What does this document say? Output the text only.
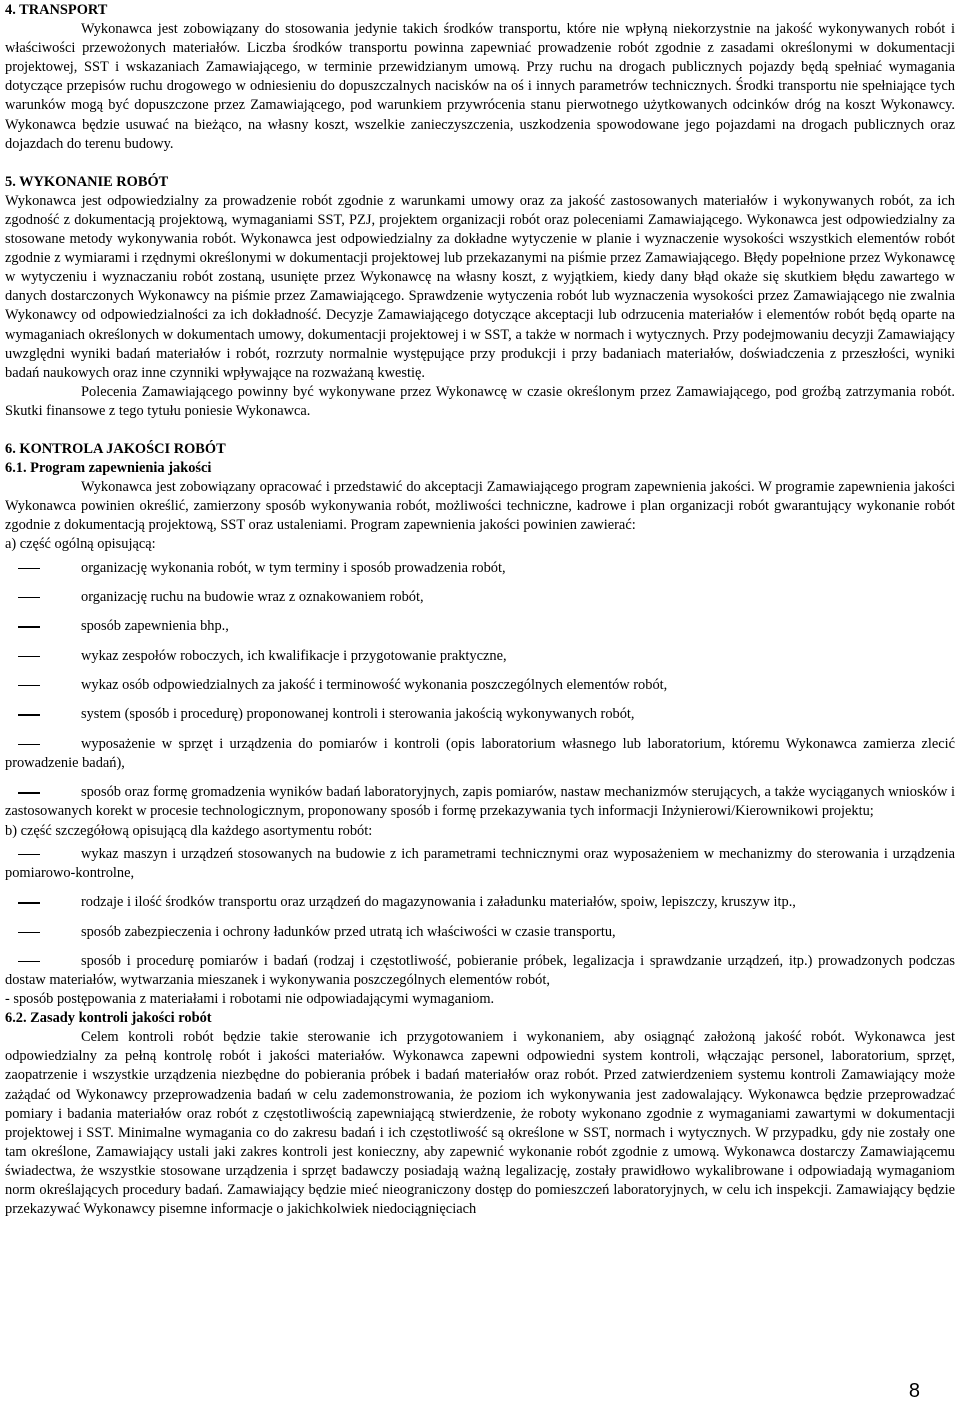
4. TRANSPORT

Wykonawca jest zobowiązany do stosowania jedynie takich środków transportu, które nie wpłyną niekorzystnie na jakość wykonywanych robót i właściwości przewożonych materiałów. Liczba środków transportu powinna zapewniać prowadzenie robót zgodnie z zasadami określonymi w dokumentacji projektowej, SST i wskazaniach Zamawiającego, w terminie przewidzianym umową. Przy ruchu na drogach publicznych pojazdy będą spełniać wymagania dotyczące przepisów ruchu drogowego w odniesieniu do dopuszczalnych nacisków na oś i innych parametrów technicznych. Środki transportu nie spełniające tych warunków mogą być dopuszczone przez Zamawiającego, pod warunkiem przywrócenia stanu pierwotnego użytkowanych odcinków dróg na koszt Wykonawcy. Wykonawca będzie usuwać na bieżąco, na własny koszt, wszelkie zanieczyszczenia, uszkodzenia spowodowane jego pojazdami na drogach publicznych oraz dojazdach do terenu budowy.

5. WYKONANIE ROBÓT

Wykonawca jest odpowiedzialny za prowadzenie robót zgodnie z warunkami umowy oraz za jakość zastosowanych materiałów i wykonywanych robót, za ich zgodność z dokumentacją projektową, wymaganiami SST, PZJ, projektem organizacji robót oraz poleceniami Zamawiającego. Wykonawca jest odpowiedzialny za stosowane metody wykonywania robót. Wykonawca jest odpowiedzialny za dokładne wytyczenie w planie i wyznaczenie wysokości wszystkich elementów robót zgodnie z wymiarami i rzędnymi określonymi w dokumentacji projektowej lub przekazanymi na piśmie przez Zamawiającego. Błędy popełnione przez Wykonawcę w wytyczeniu i wyznaczaniu robót zostaną, usunięte przez Wykonawcę na własny koszt, z wyjątkiem, kiedy dany błąd okaże się skutkiem błędu zawartego w danych dostarczonych Wykonawcy na piśmie przez Zamawiającego. Sprawdzenie wytyczenia robót lub wyznaczenia wysokości przez Zamawiającego nie zwalnia Wykonawcy od odpowiedzialności za ich dokładność. Decyzje Zamawiającego dotyczące akceptacji lub odrzucenia materiałów i elementów robót będą oparte na wymaganiach określonych w dokumentach umowy, dokumentacji projektowej i w SST, a także w normach i wytycznych. Przy podejmowaniu decyzji Zamawiający uwzględni wyniki badań materiałów i robót, rozrzuty normalnie występujące przy produkcji i przy badaniach materiałów, doświadczenia z przeszłości, wyniki badań naukowych oraz inne czynniki wpływające na rozważaną kwestię.

Polecenia Zamawiającego powinny być wykonywane przez Wykonawcę w czasie określonym przez Zamawiającego, pod groźbą zatrzymania robót. Skutki finansowe z tego tytułu poniesie Wykonawca.

6. KONTROLA JAKOŚCI ROBÓT
6.1. Program zapewnienia jakości

Wykonawca jest zobowiązany opracować i przedstawić do akceptacji Zamawiającego program zapewnienia jakości. W programie zapewnienia jakości Wykonawca powinien określić, zamierzony sposób wykonywania robót, możliwości techniczne, kadrowe i plan organizacji robót gwarantujący wykonanie robót zgodnie z dokumentacją projektową, SST oraz ustaleniami. Program zapewnienia jakości powinien zawierać:

a) część ogólną opisującą:

organizację wykonania robót, w tym terminy i sposób prowadzenia robót,
organizację ruchu na budowie wraz z oznakowaniem robót,
sposób zapewnienia bhp.,
wykaz zespołów roboczych, ich kwalifikacje i przygotowanie praktyczne,
wykaz osób odpowiedzialnych za jakość i terminowość wykonania poszczególnych elementów robót,
system (sposób i procedurę) proponowanej kontroli i sterowania jakością wykonywanych robót,
wyposażenie w sprzęt i urządzenia do pomiarów i kontroli (opis laboratorium własnego lub laboratorium, któremu Wykonawca zamierza zlecić prowadzenie badań),
sposób oraz formę gromadzenia wyników badań laboratoryjnych, zapis pomiarów, nastaw mechanizmów sterujących, a także wyciąganych wniosków i zastosowanych korekt w procesie technologicznym, proponowany sposób i formę przekazywania tych informacji Inżynierowi/Kierownikowi projektu;

b) część szczegółową opisującą dla każdego asortymentu robót:

wykaz maszyn i urządzeń stosowanych na budowie z ich parametrami technicznymi oraz wyposażeniem w mechanizmy do sterowania i urządzenia pomiarowo-kontrolne,
rodzaje i ilość środków transportu oraz urządzeń do magazynowania i załadunku materiałów, spoiw, lepiszczy, kruszyw itp.,
sposób zabezpieczenia i ochrony ładunków przed utratą ich właściwości w czasie transportu,
sposób i procedurę pomiarów i badań (rodzaj i częstotliwość, pobieranie próbek, legalizacja i sprawdzanie urządzeń, itp.) prowadzonych podczas dostaw materiałów, wytwarzania mieszanek i wykonywania poszczególnych elementów robót,

- sposób postępowania z materiałami i robotami nie odpowiadającymi wymaganiom.

6.2. Zasady kontroli jakości robót

Celem kontroli robót będzie takie sterowanie ich przygotowaniem i wykonaniem, aby osiągnąć założoną jakość robót. Wykonawca jest odpowiedzialny za pełną kontrolę robót i jakości materiałów. Wykonawca zapewni odpowiedni system kontroli, włączając personel, laboratorium, sprzęt, zaopatrzenie i wszystkie urządzenia niezbędne do pobierania próbek i badań materiałów oraz robót. Przed zatwierdzeniem systemu kontroli Zamawiający może zażądać od Wykonawcy przeprowadzenia badań w celu zademonstrowania, że poziom ich wykonywania jest zadowalający. Wykonawca będzie przeprowadzać pomiary i badania materiałów oraz robót z częstotliwością zapewniającą stwierdzenie, że roboty wykonano zgodnie z wymaganiami zawartymi w dokumentacji projektowej i SST. Minimalne wymagania co do zakresu badań i ich częstotliwość są określone w SST, normach i wytycznych. W przypadku, gdy nie zostały one tam określone, Zamawiający ustali jaki zakres kontroli jest konieczny, aby zapewnić wykonanie robót zgodnie z umową. Wykonawca dostarczy Zamawiającemu świadectwa, że wszystkie stosowane urządzenia i sprzęt badawczy posiadają ważną legalizację, zostały prawidłowo wykalibrowane i odpowiadają wymaganiom norm określających procedury badań. Zamawiający będzie mieć nieograniczony dostęp do pomieszczeń laboratoryjnych, w celu ich inspekcji. Zamawiający będzie przekazywać Wykonawcy pisemne informacje o jakichkolwiek niedociągnięciach

8
